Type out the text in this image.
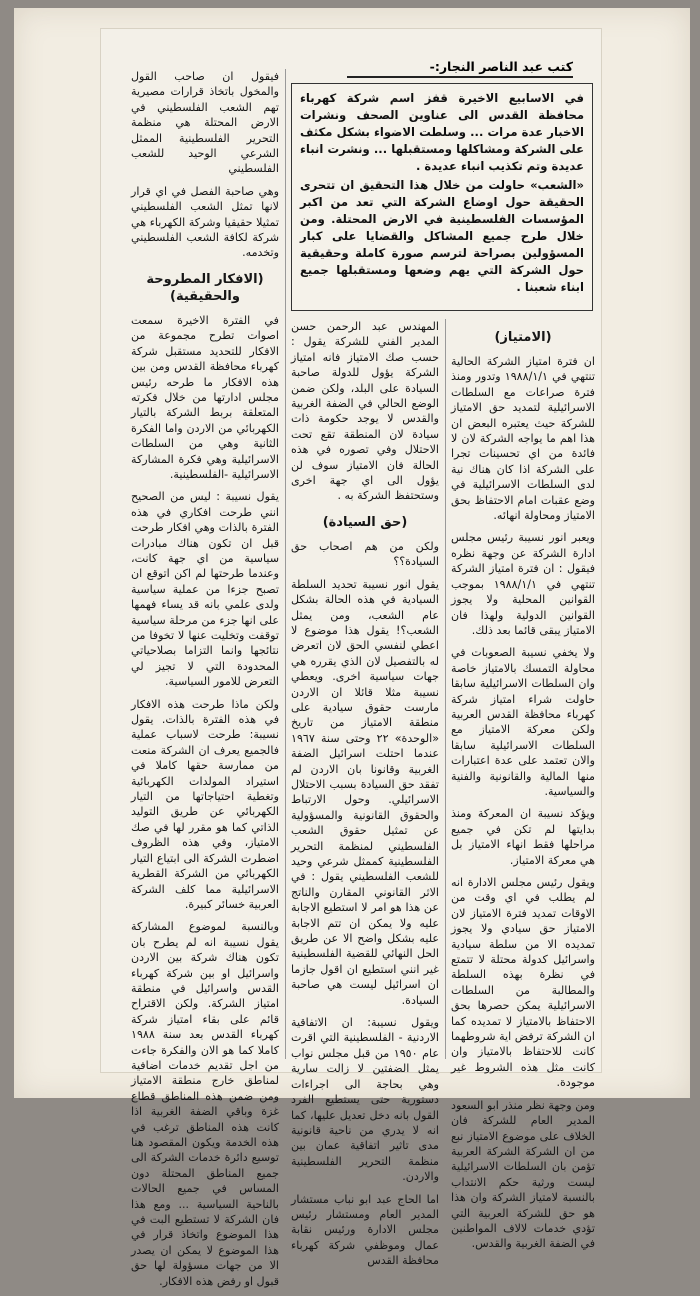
كتب عبد الناصر النجار:-

في الاسابيع الاخيرة قفز اسم شركة كهرباء محافظة القدس الى عناوين الصحف ونشرات الاخبار عدة مرات ... وسلطت الاضواء بشكل مكثف على الشركة ومشاكلها ومستقبلها ... ونشرت انباء عديدة وتم تكذيب انباء عديدة .

«الشعب» حاولت من خلال هذا التحقيق ان تتحرى الحقيقة حول اوضاع الشركة التي تعد من اكبر المؤسسات الفلسطينية في الارض المحتلة. ومن خلال طرح جميع المشاكل والقضايا على كبار المسؤولين بصراحة لترسم صورة كاملة وحقيقية حول الشركة التي يهم وضعها ومستقبلها جميع ابناء شعبنا .

فيقول ان صاحب القول والمخول باتخاذ قرارات مصيرية تهم الشعب الفلسطيني في الارض المحتلة هي منظمة التحرير الفلسطينية الممثل الشرعي الوحيد للشعب الفلسطيني

وهي صاحبة الفصل في اي قرار لانها تمثل الشعب الفلسطيني تمثيلا حقيقيا وشركة الكهرباء هي شركة لكافة الشعب الفلسطيني وتخدمه.

(الافكار المطروحة والحقيقية)

في الفترة الاخيرة سمعت اصوات تطرح مجموعة من الافكار للتحديد مستقبل شركة كهرباء محافظة القدس ومن بين هذه الافكار ما طرحه رئيس مجلس ادارتها من خلال فكرته المتعلقة بربط الشركة بالتيار الكهربائي من الاردن واما الفكرة الثانية وهي من السلطات الاسرائيلية وهي فكرة المشاركة الاسرائيلية -الفلسطينية.

يقول نسيبة : ليس من الصحيح انني طرحت افكاري في هذه الفترة بالذات وهي افكار طرحت قبل ان تكون هناك مبادرات سياسية من اي جهة كانت، وعندما طرحتها لم اكن اتوقع ان تصبح جزءا من عملية سياسية ولدى علمي بانه قد يساء فهمها على انها جزء من مرحلة سياسية توقفت وتخليت عنها لا تخوفا من نتائجها وانما التزاما بصلاحياتي المحدودة التي لا تجيز لي التعرض للامور السياسية.

ولكن ماذا طرحت هذه الافكار في هذه الفترة بالذات. يقول نسيبة: طرحت لاسباب عملية فالجميع يعرف ان الشركة منعت من ممارسة حقها كاملا في استيراد المولدات الكهربائية وتغطية احتياجاتها من التيار الكهربائي عن طريق التوليد الذاتي كما هو مقرر لها في صك الامتياز، وفي هذه الظروف اضطرت الشركة الى ابتياع التيار الكهربائي من الشركة القطرية الاسرائيلية مما كلف الشركة العربية خسائر كبيرة.

وبالنسبة لموضوع المشاركة يقول نسيبة انه لم يطرح بان تكون هناك شركة بين الاردن واسرائيل او بين شركة كهرباء القدس واسرائيل في منطقة امتياز الشركة. ولكن الاقتراح قائم على بقاء امتياز شركة كهرباء القدس بعد سنة ١٩٨٨ كاملا كما هو الان والفكرة جاءت من اجل تقديم خدمات اضافية لمناطق خارج منطقة الامتياز ومن ضمن هذه المناطق قطاع غزة وباقي الضفة الغربية اذا كانت هذه المناطق ترغب في هذه الخدمة ويكون المقصود هنا توسيع دائرة خدمات الشركة الى جميع المناطق المحتلة دون المساس في جميع الحالات بالناحية السياسية ... ومع هذا فان الشركة لا تستطيع البت في هذا الموضوع واتخاذ قرار في هذا الموضوع لا يمكن ان يصدر الا من جهات مسؤولة لها حق قبول او رفض هذه الافكار.

المهندس عبد الرحمن حسن المدير الفني للشركة يقول : حسب صك الامتياز فانه امتياز الشركة يؤول للدولة صاحبة السيادة على البلد، ولكن ضمن الوضع الحالي في الضفة الغربية والقدس لا يوجد حكومة ذات سيادة لان المنطقة تقع تحت الاحتلال وفي تصوره في هذه الحالة فان الامتياز سوف لن يؤول الى اي جهة اخرى وستحتفظ الشركة به .

(حق السيادة)

ولكن من هم اصحاب حق السيادة؟؟

يقول انور نسيبة تحديد السلطة السيادية في هذه الحالة بشكل عام الشعب، ومن يمثل الشعب؟! يقول هذا موضوع لا اعطي لنفسي الحق لان اتعرض له بالتفصيل لان الذي يقرره هي جهات سياسية اخرى. ويعطي نسيبة مثلا قائلا ان الاردن مارست حقوق سيادية على منطقة الامتياز من تاريخ «الوحدة» ٢٢ وحتى سنة ١٩٦٧ عندما احتلت اسرائيل الضفة الغربية وقانونا بان الاردن لم تفقد حق السيادة بسبب الاحتلال الاسرائيلي. وحول الارتباط والحقوق القانونية والمسؤولية عن تمثيل حقوق الشعب الفلسطيني لمنظمة التحرير الفلسطينية كممثل شرعي وحيد للشعب الفلسطيني يقول : في الاثر القانوني المقارن والناتج عن هذا هو امر لا استطيع الاجابة عليه ولا يمكن ان تتم الاجابة عليه بشكل واضح الا عن طريق الحل النهائي للقضية الفلسطينية غير انني استطيع ان اقول جازما ان اسرائيل ليست هي صاحبة السيادة.

ويقول نسيبة: ان الاتفاقية الاردنية - الفلسطينية التي اقرت عام ١٩٥٠ من قبل مجلس نواب يمثل الضفتين لا زالت سارية وهي بحاجة الى اجراءات دستورية حتى يستطيع الفرد القول بانه دخل تعديل عليها، كما انه لا يدري من ناحية قانونية مدى تاثير اتفاقية عمان بين منظمة التحرير الفلسطينية والاردن.

اما الحاج عبد ابو نباب مستشار المدير العام ومستشار رئيس مجلس الادارة ورئيس نقابة عمال وموظفي شركة كهرباء محافظة القدس

(الامتياز)

ان فترة امتياز الشركة الحالية تنتهي في ١٩٨٨/١/١ وتدور ومنذ فترة صراعات مع السلطات الاسرائيلية لتمديد حق الامتياز للشركة حيث يعتبره البعض ان هذا اهم ما يواجه الشركة لان لا فائدة من اي تحسينات تجرا على الشركة اذا كان هناك نية لدى السلطات الاسرائيلية في وضع عقبات امام الاحتفاظ بحق الامتياز ومحاولة انهائه.

ويعبر انور نسيبة رئيس مجلس ادارة الشركة عن وجهة نظره فيقول : ان فترة امتياز الشركة تنتهي في ١٩٨٨/١/١ بموجب القوانين المحلية ولا يجوز القوانين الدولية ولهذا فان الامتياز يبقى قائما بعد ذلك.

ولا يخفي نسيبة الصعوبات في محاولة التمسك بالامتياز خاصة وان السلطات الاسرائيلية سابقا حاولت شراء امتياز شركة كهرباء محافظة القدس العربية ولكن معركة الامتياز مع السلطات الاسرائيلية سابقا والان تعتمد على عدة اعتبارات منها المالية والقانونية والفنية والسياسية.

ويؤكد نسيبة ان المعركة ومنذ بدايتها لم تكن في جميع مراحلها فقط انهاء الامتياز بل هي معركة الامتياز.

ويقول رئيس مجلس الادارة انه لم يطلب في اي وقت من الاوقات تمديد فترة الامتياز لان الامتياز حق سيادي ولا يجوز تمديده الا من سلطة سيادية واسرائيل كدولة محتلة لا تتمتع في نظرة بهذه السلطة والمطالبة من السلطات الاسرائيلية يمكن حصرها بحق الاحتفاظ بالامتياز لا تمديده كما ان الشركة ترفض اية شروطهما كانت للاحتفاظ بالامتياز وان كانت مثل هذه الشروط غير موجودة.

ومن وجهة نظر منذر ابو السعود المدير العام للشركة فان الخلاف على موضوع الامتياز نبع من ان الشركة الشركة العربية تؤمن بان السلطات الاسرائيلية ليست ورثية حكم الانتداب بالنسبة لامتياز الشركة وان هذا هو حق للشركة العربية التي تؤدي خدمات لالاف المواطنين في الضفة الغربية والقدس.
